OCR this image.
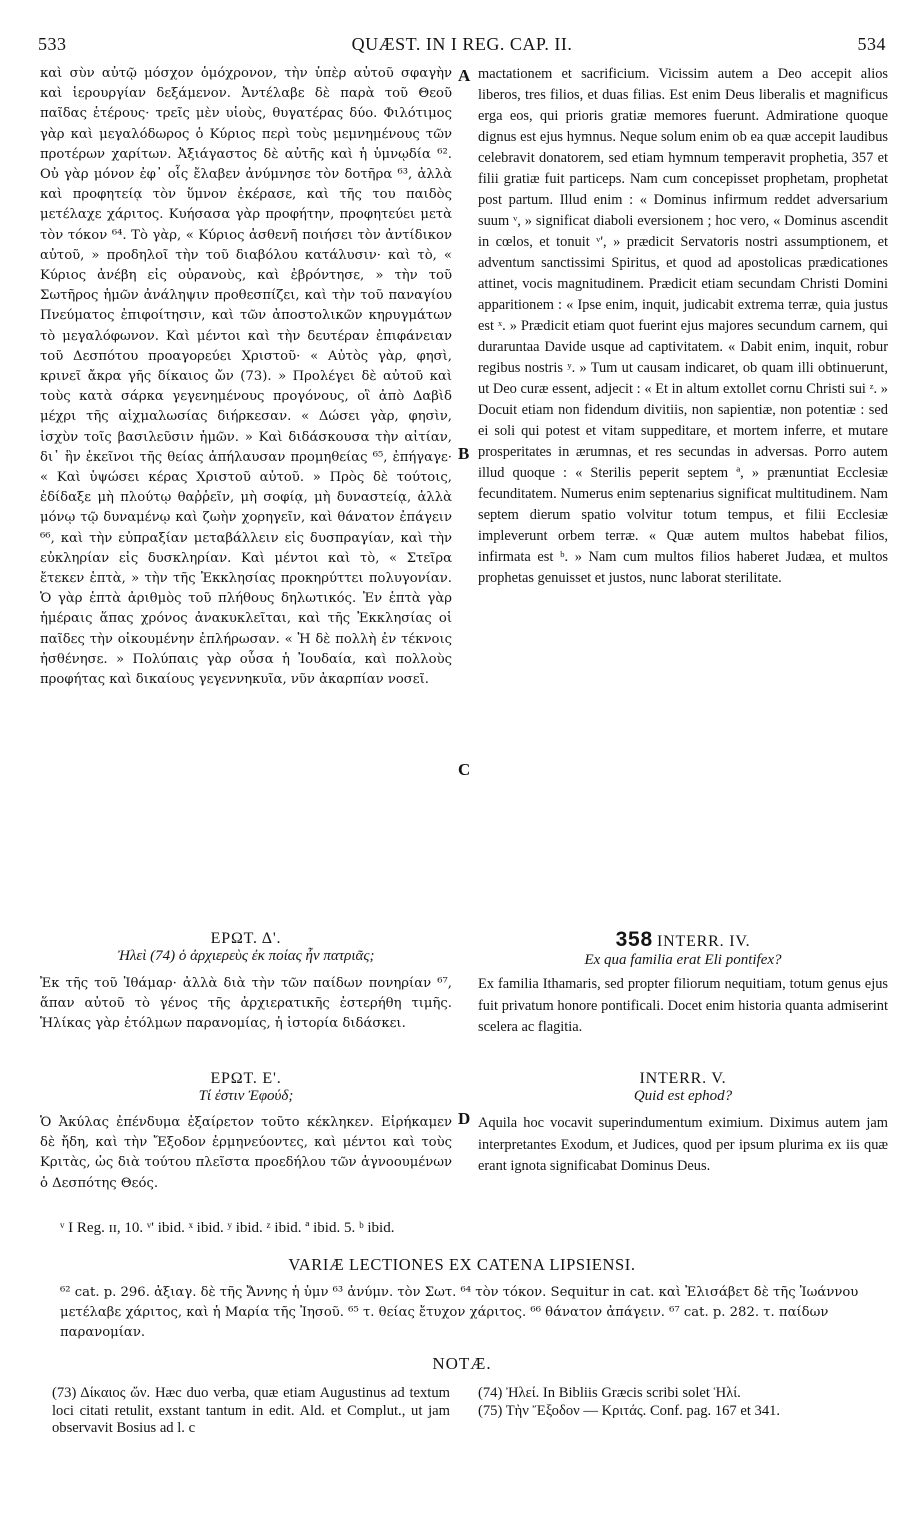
533	QUÆST. IN I REG. CAP. II.	534

καὶ σὺν αὐτῷ μόσχον ὁμόχρονον, τὴν ὑπὲρ αὐτοῦ σφαγὴν καὶ ἱερουργίαν δεξάμενον. Ἀντέλαβε δὲ παρὰ τοῦ Θεοῦ παῖδας ἑτέρους· τρεῖς μὲν υἱοὺς, θυγατέρας δύο. Φιλότιμος γὰρ καὶ μεγαλόδωρος ὁ Κύριος περὶ τοὺς μεμνημένους τῶν προτέρων χαρίτων. Ἀξιάγαστος δὲ αὐτῆς καὶ ἡ ὑμνῳδία ⁶². Οὐ γὰρ μόνον ἐφ᾽ οἷς ἔλαβεν ἀνύμνησε τὸν δοτῆρα ⁶³, ἀλλὰ καὶ προφητείᾳ τὸν ὕμνον ἐκέρασε, καὶ τῆς του παιδὸς μετέλαχε χάριτος. Κυήσασα γὰρ προφήτην, προφητεύει μετὰ τὸν τόκον ⁶⁴. Τὸ γὰρ, « Κύριος ἀσθενῆ ποιήσει τὸν ἀντίδικον αὐτοῦ, » προδηλοῖ τὴν τοῦ διαβόλου κατάλυσιν· καὶ τὸ, « Κύριος ἀνέβη εἰς οὐρανοὺς, καὶ ἐβρόντησε, » τὴν τοῦ Σωτῆρος ἡμῶν ἀνάληψιν προθεσπίζει, καὶ τὴν τοῦ παναγίου Πνεύματος ἐπιφοίτησιν, καὶ τῶν ἀποστολικῶν κηρυγμάτων τὸ μεγαλόφωνον. Καὶ μέντοι καὶ τὴν δευτέραν ἐπιφάνειαν τοῦ Δεσπότου προαγορεύει Χριστοῦ· « Αὐτὸς γὰρ, φησὶ, κρινεῖ ἄκρα γῆς δίκαιος ὤν (73). » Προλέγει δὲ αὐτοῦ καὶ τοὺς κατὰ σάρκα γεγενημένους προγόνους, οἳ ἀπὸ Δαβὶδ μέχρι τῆς αἰχμαλωσίας διήρκεσαν. « Δώσει γὰρ, φησὶν, ἰσχὺν τοῖς βασιλεῦσιν ἡμῶν. » Καὶ διδάσκουσα τὴν αἰτίαν, δι᾽ ἣν ἐκεῖνοι τῆς θείας ἀπήλαυσαν προμηθείας ⁶⁵, ἐπήγαγε· « Καὶ ὑψώσει κέρας Χριστοῦ αὐτοῦ. » Πρὸς δὲ τούτοις, ἐδίδαξε μὴ πλούτῳ θαῤῥεῖν, μὴ σοφίᾳ, μὴ δυναστείᾳ, ἀλλὰ μόνῳ τῷ δυναμένῳ καὶ ζωὴν χορηγεῖν, καὶ θάνατον ἐπάγειν ⁶⁶, καὶ τὴν εὐπραξίαν μεταβάλλειν εἰς δυσπραγίαν, καὶ τὴν εὐκληρίαν εἰς δυσκληρίαν. Καὶ μέντοι καὶ τὸ, « Στεῖρα ἔτεκεν ἑπτὰ, » τὴν τῆς Ἐκκλησίας προκηρύττει πολυγονίαν. Ὁ γὰρ ἑπτὰ ἀριθμὸς τοῦ πλήθους δηλωτικός. Ἐν ἑπτὰ γὰρ ἡμέραις ἅπας χρόνος ἀνακυκλεῖται, καὶ τῆς Ἐκκλησίας οἱ παῖδες τὴν οἰκουμένην ἐπλήρωσαν. « Ἡ δὲ πολλὴ ἐν τέκνοις ἠσθένησε. » Πολύπαις γὰρ οὖσα ἡ Ἰουδαία, καὶ πολλοὺς προφήτας καὶ δικαίους γεγεννηκυῖα, νῦν ἀκαρπίαν νοσεῖ.

mactationem et sacrificium. Vicissim autem a Deo accepit alios liberos, tres filios, et duas filias. Est enim Deus liberalis et magnificus erga eos, qui prioris gratiæ memores fuerunt. Admiratione quoque dignus est ejus hymnus. Neque solum enim ob ea quæ accepit laudibus celebravit donatorem, sed etiam hymnum temperavit prophetia, 357 et filii gratiæ fuit particeps. Nam cum concepisset prophetam, prophetat post partum. Illud enim : « Dominus infirmum reddet adversarium suum ᵛ, » significat diaboli eversionem ; hoc vero, « Dominus ascendit in cœlos, et tonuit ᵛ', » prædicit Servatoris nostri assumptionem, et adventum sanctissimi Spiritus, et quod ad apostolicas prædicationes attinet, vocis magnitudinem. Prædicit etiam secundam Christi Domini apparitionem : « Ipse enim, inquit, judicabit extrema terræ, quia justus est ˣ. » Prædicit etiam quot fuerint ejus majores secundum carnem, qui duraruntaa Davide usque ad captivitatem. « Dabit enim, inquit, robur regibus nostris ʸ. » Tum ut causam indicaret, ob quam illi obtinuerunt, ut Deo curæ essent, adjecit : « Et in altum extollet cornu Christi sui ᶻ. » Docuit etiam non fidendum divitiis, non sapientiæ, non potentiæ : sed ei soli qui potest et vitam suppeditare, et mortem inferre, et mutare prosperitates in ærumnas, et res secundas in adversas. Porro autem illud quoque : « Sterilis peperit septem ª, » prænuntiat Ecclesiæ fecunditatem. Numerus enim septenarius significat multitudinem. Nam septem dierum spatio volvitur totum tempus, et filii Ecclesiæ impleverunt orbem terræ. « Quæ autem multos habebat filios, infirmata est ᵇ. » Nam cum multos filios haberet Judæa, et multos prophetas genuisset et justos, nunc laborat sterilitate.

A
B
C
D
ΕΡΩΤ. Δ'.
Ἠλεὶ (74) ὁ ἀρχιερεὺς ἐκ ποίας ἦν πατριᾶς;

Ἐκ τῆς τοῦ Ἰθάμαρ· ἀλλὰ διὰ τὴν τῶν παίδων πονηρίαν ⁶⁷, ἅπαν αὐτοῦ τὸ γένος τῆς ἀρχιερατικῆς ἐστερήθη τιμῆς. Ἡλίκας γὰρ ἐτόλμων παρανομίας, ἡ ἱστορία διδάσκει.

358 INTERR. IV.
Ex qua familia erat Eli pontifex?

Ex familia Ithamaris, sed propter filiorum nequitiam, totum genus ejus fuit privatum honore pontificali. Docet enim historia quanta admiserint scelera ac flagitia.

ΕΡΩΤ. Ε'.
Τί ἐστιν Ἐφούδ;

Ὁ Ἀκύλας ἐπένδυμα ἐξαίρετον τοῦτο κέκληκεν. Εἰρήκαμεν δὲ ἤδη, καὶ τὴν Ἔξοδον ἑρμηνεύοντες, καὶ μέντοι καὶ τοὺς Κριτὰς, ὡς διὰ τούτου πλεῖστα προεδήλου τῶν ἀγνοουμένων ὁ Δεσπότης Θεός.

INTERR. V.
Quid est ephod?

Aquila hoc vocavit superindumentum eximium. Diximus autem jam interpretantes Exodum, et Judices, quod per ipsum plurima ex iis quæ erant ignota significabat Dominus Deus.

ᵛ I Reg. ɪɪ, 10. ᵛ' ibid. ˣ ibid. ʸ ibid. ᶻ ibid. ª ibid. 5. ᵇ ibid.
VARIÆ LECTIONES EX CATENA LIPSIENSI.
⁶² cat. p. 296. ἀξιαγ. δὲ τῆς Ἄννης ἡ ὑμν ⁶³ ἀνύμν. τὸν Σωτ. ⁶⁴ τὸν τόκον. Sequitur in cat. καὶ Ἐλισάβετ δὲ τῆς Ἰωάννου μετέλαβε χάριτος, καὶ ἡ Μαρία τῆς Ἰησοῦ. ⁶⁵ τ. θείας ἔτυχον χάριτος. ⁶⁶ θάνατον ἀπάγειν. ⁶⁷ cat. p. 282. τ. παίδων παρανομίαν.
NOTÆ.

(73) Δίκαιος ὤν. Hæc duo verba, quæ etiam Augustinus ad textum loci citati retulit, exstant tantum in edit. Ald. et Complut., ut jam observavit Bosius ad l. c

(74) Ἠλεί. In Bibliis Græcis scribi solet Ἡλί.

(75) Τὴν Ἔξοδον — Κριτάς. Conf. pag. 167 et 341.
